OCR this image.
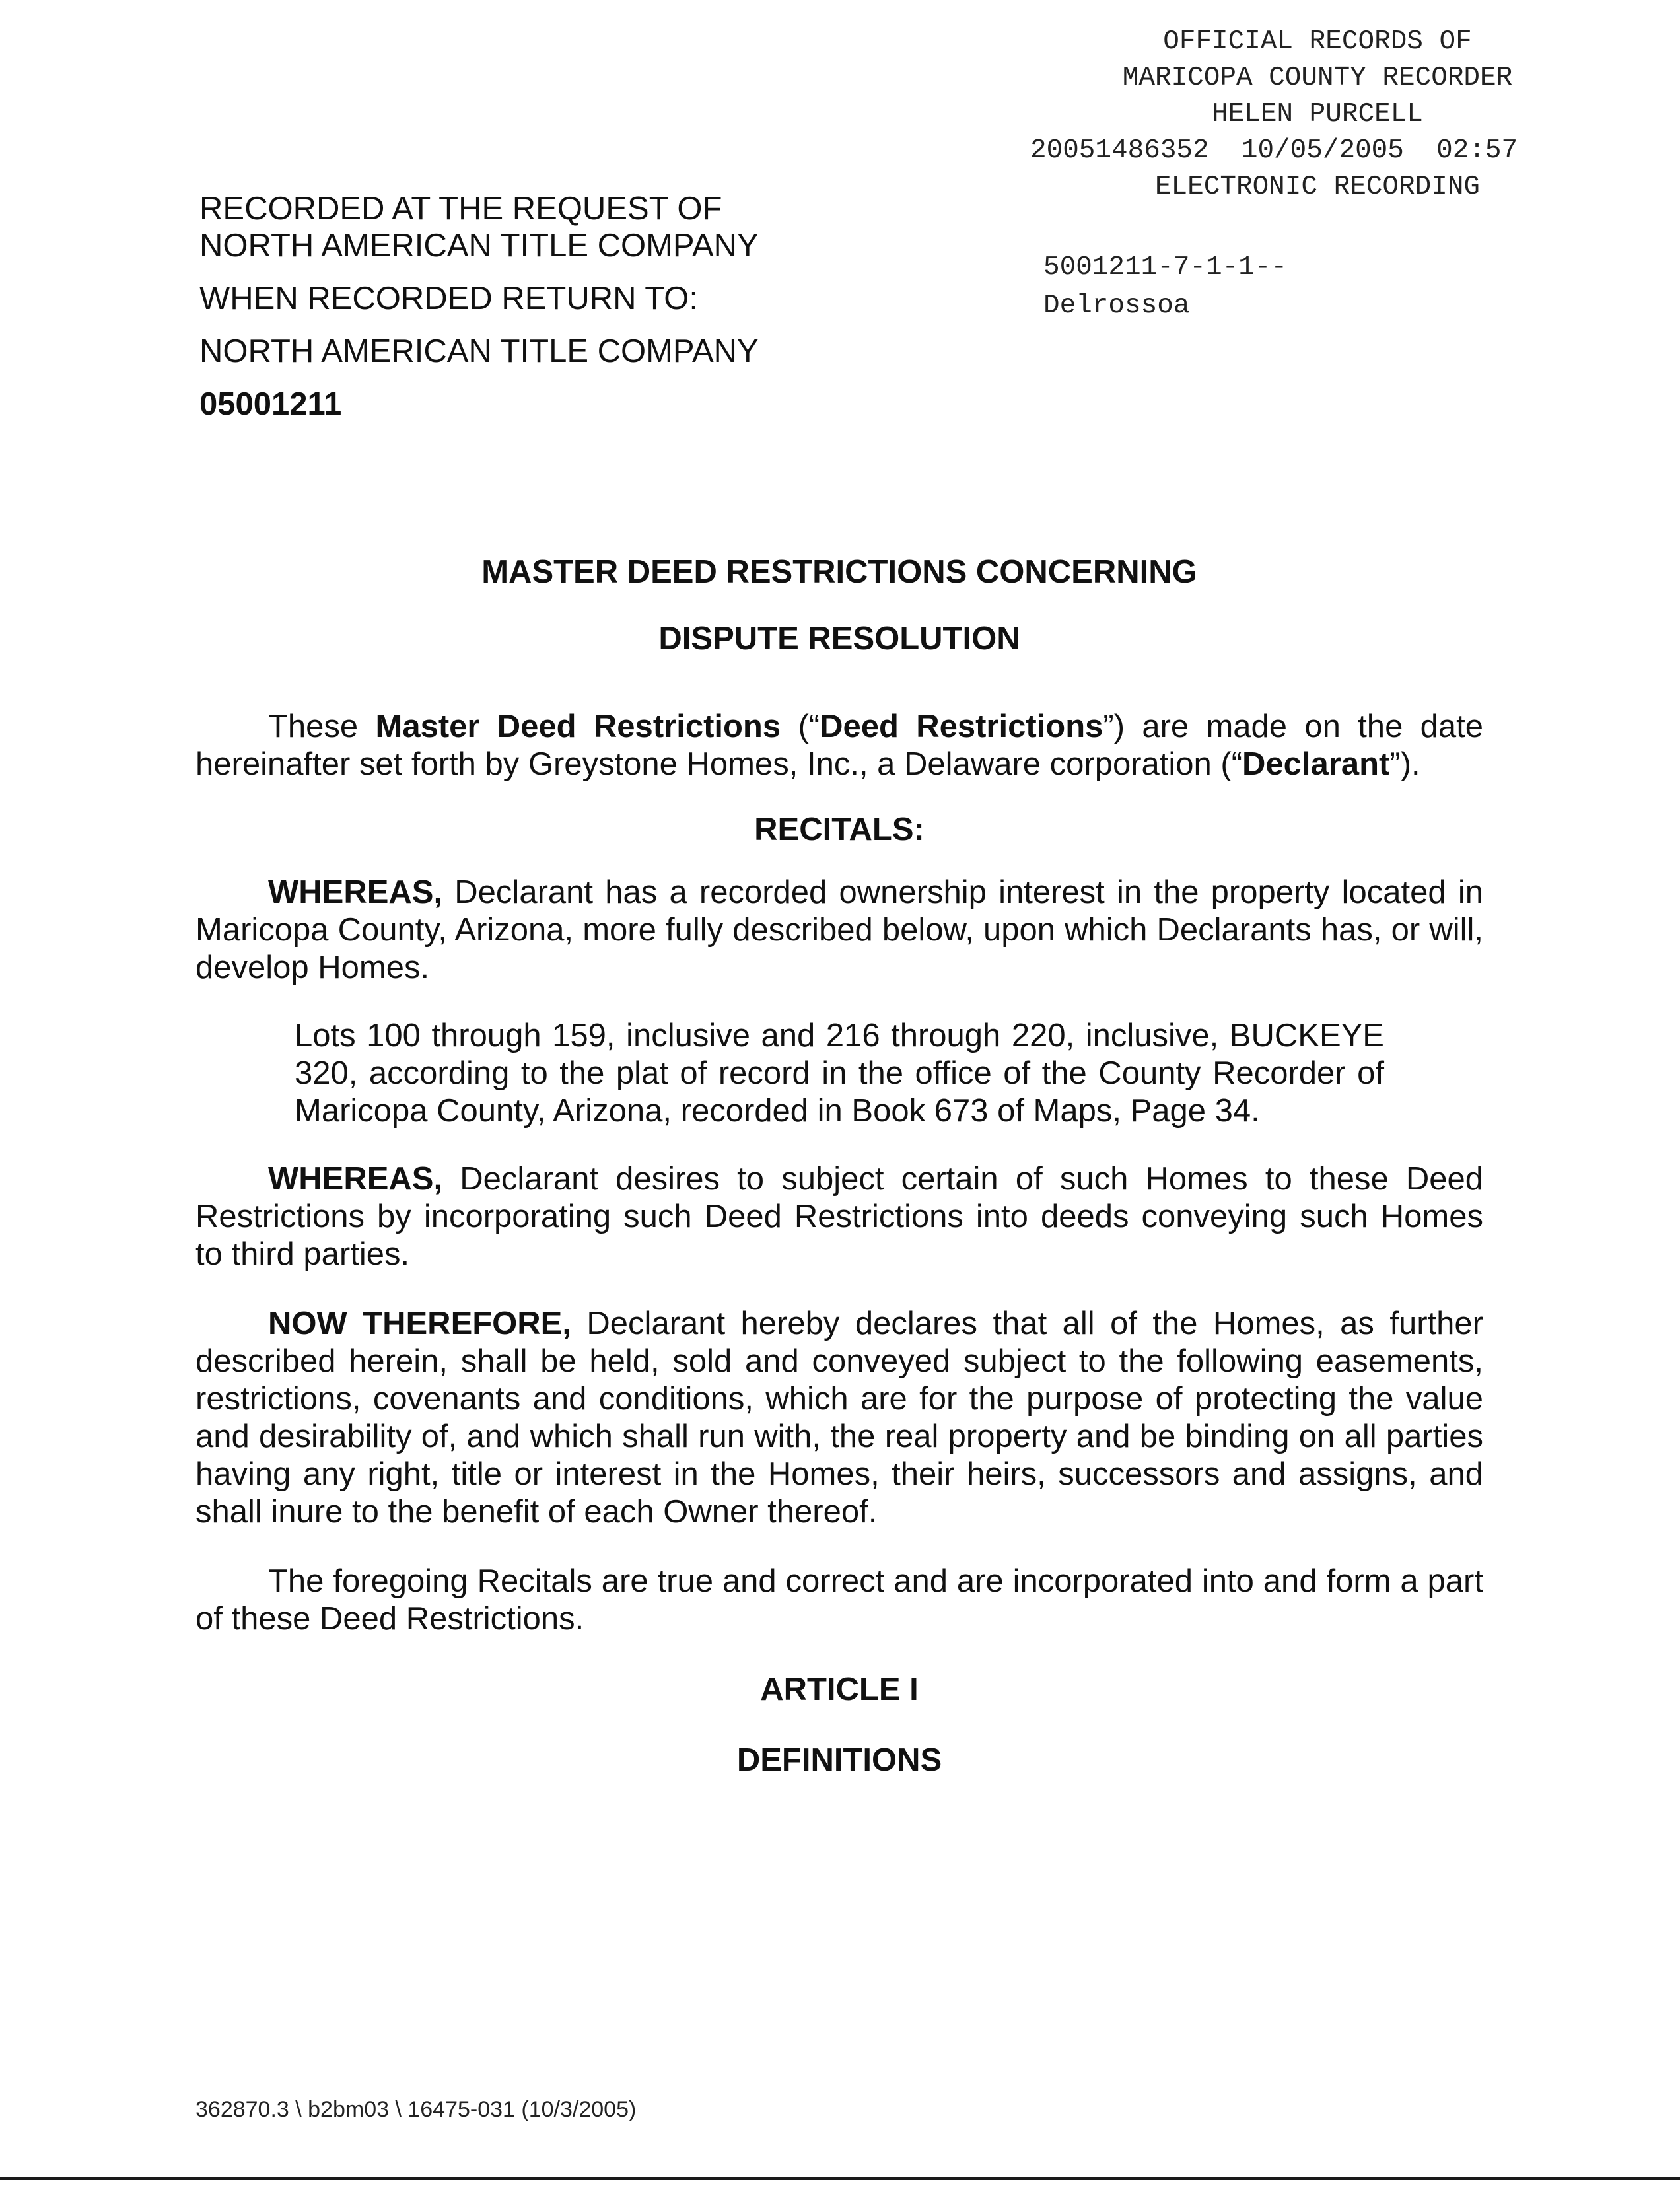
OFFICIAL RECORDS OF
MARICOPA COUNTY RECORDER
HELEN PURCELL
20051486352  10/05/2005  02:57
ELECTRONIC RECORDING
5001211-7-1-1--
Delrossoa
RECORDED AT THE REQUEST OF
NORTH AMERICAN TITLE COMPANY
WHEN RECORDED RETURN TO:
NORTH AMERICAN TITLE COMPANY
05001211

MASTER DEED RESTRICTIONS CONCERNING

DISPUTE RESOLUTION

These Master Deed Restrictions (“Deed Restrictions”) are made on the date hereinafter set forth by Greystone Homes, Inc., a Delaware corporation (“Declarant”).

RECITALS:

WHEREAS, Declarant has a recorded ownership interest in the property located in Maricopa County, Arizona, more fully described below, upon which Declarants has, or will, develop Homes.

Lots 100 through 159, inclusive and 216 through 220, inclusive, BUCKEYE 320, according to the plat of record in the office of the County Recorder of Maricopa County, Arizona, recorded in Book 673 of Maps, Page 34.

WHEREAS, Declarant desires to subject certain of such Homes to these Deed Restrictions by incorporating such Deed Restrictions into deeds conveying such Homes to third parties.

NOW THEREFORE, Declarant hereby declares that all of the Homes, as further described herein, shall be held, sold and conveyed subject to the following easements, restrictions, covenants and conditions, which are for the purpose of protecting the value and desirability of, and which shall run with, the real property and be binding on all parties having any right, title or interest in the Homes, their heirs, successors and assigns, and shall inure to the benefit of each Owner thereof.

The foregoing Recitals are true and correct and are incorporated into and form a part of these Deed Restrictions.

ARTICLE I

DEFINITIONS

362870.3 \ b2bm03 \ 16475-031 (10/3/2005)
